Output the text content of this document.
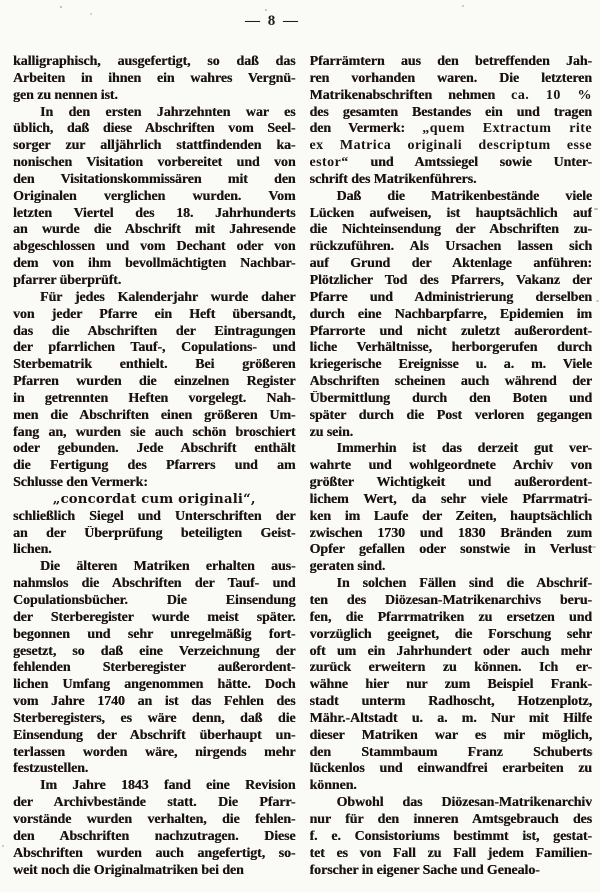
— 8 —
kalligraphisch, ausgefertigt, so daß das
Arbeiten in ihnen ein wahres Vergnü-
gen zu nennen ist.
In den ersten Jahrzehnten war es
üblich, daß diese Abschriften vom Seel-
sorger zur alljährlich stattfindenden ka-
nonischen Visitation vorbereitet und von
den Visitationskommissären mit den
Originalen verglichen wurden. Vom
letzten Viertel des 18. Jahrhunderts
an wurde die Abschrift mit Jahresende
abgeschlossen und vom Dechant oder von
dem von ihm bevollmächtigten Nachbar-
pfarrer überprüft.
Für jedes Kalenderjahr wurde daher
von jeder Pfarre ein Heft übersandt,
das die Abschriften der Eintragungen
der pfarrlichen Tauf-, Copulations- und
Sterbematrik enthielt. Bei größeren
Pfarren wurden die einzelnen Register
in getrennten Heften vorgelegt. Nah-
men die Abschriften einen größeren Um-
fang an, wurden sie auch schön broschiert
oder gebunden. Jede Abschrift enthält
die Fertigung des Pfarrers und am
Schlusse den Vermerk:
„concordat cum originali“,
schließlich Siegel und Unterschriften der
an der Überprüfung beteiligten Geist-
lichen.
Die älteren Matriken erhalten aus-
nahmslos die Abschriften der Tauf- und
Copulationsbücher. Die Einsendung
der Sterberegister wurde meist später.
begonnen und sehr unregelmäßig fort-
gesetzt, so daß eine Verzeichnung der
fehlenden Sterberegister außerordent-
lichen Umfang angenommen hätte. Doch
vom Jahre 1740 an ist das Fehlen des
Sterberegisters, es wäre denn, daß die
Einsendung der Abschrift überhaupt un-
terlassen worden wäre, nirgends mehr
festzustellen.
Im Jahre 1843 fand eine Revision
der Archivbestände statt. Die Pfarr-
vorstände wurden verhalten, die fehlen-
den Abschriften nachzutragen. Diese
Abschriften wurden auch angefertigt, so-
weit noch die Originalmatriken bei den
Pfarrämtern aus den betreffenden Jah-
ren vorhanden waren. Die letzteren
Matrikenabschriften nehmen ca. 10 %
des gesamten Bestandes ein und tragen
den Vermerk: „quem Extractum rite
ex Matrica originali descriptum esse
estor“ und Amtssiegel sowie Unter-
schrift des Matrikenführers.
Daß die Matrikenbestände viele
Lücken aufweisen, ist hauptsächlich auf
die Nichteinsendung der Abschriften zu-
rückzuführen. Als Ursachen lassen sich
auf Grund der Aktenlage anführen:
Plötzlicher Tod des Pfarrers, Vakanz der
Pfarre und Administrierung derselben
durch eine Nachbarpfarre, Epidemien im
Pfarrorte und nicht zuletzt außerordent-
liche Verhältnisse, herborgerufen durch
kriegerische Ereignisse u. a. m. Viele
Abschriften scheinen auch während der
Übermittlung durch den Boten und
später durch die Post verloren gegangen
zu sein.
Immerhin ist das derzeit gut ver-
wahrte und wohlgeordnete Archiv von
größter Wichtigkeit und außerordent-
lichem Wert, da sehr viele Pfarrmatri-
ken im Laufe der Zeiten, hauptsächlich
zwischen 1730 und 1830 Bränden zum
Opfer gefallen oder sonstwie in Verlust
geraten sind.
In solchen Fällen sind die Abschrif-
ten des Diözesan-Matrikenarchivs beru-
fen, die Pfarrmatriken zu ersetzen und
vorzüglich geeignet, die Forschung sehr
oft um ein Jahrhundert oder auch mehr
zurück erweitern zu können. Ich er-
wähne hier nur zum Beispiel Frank-
stadt unterm Radhoscht, Hotzenplotz,
Mähr.-Altstadt u. a. m. Nur mit Hilfe
dieser Matriken war es mir möglich,
den Stammbaum Franz Schuberts
lückenlos und einwandfrei erarbeiten zu
können.
Obwohl das Diözesan-Matrikenarchiv
nur für den inneren Amtsgebrauch des
f. e. Consistoriums bestimmt ist, gestat-
tet es von Fall zu Fall jedem Familien-
forscher in eigener Sache und Genealo-
